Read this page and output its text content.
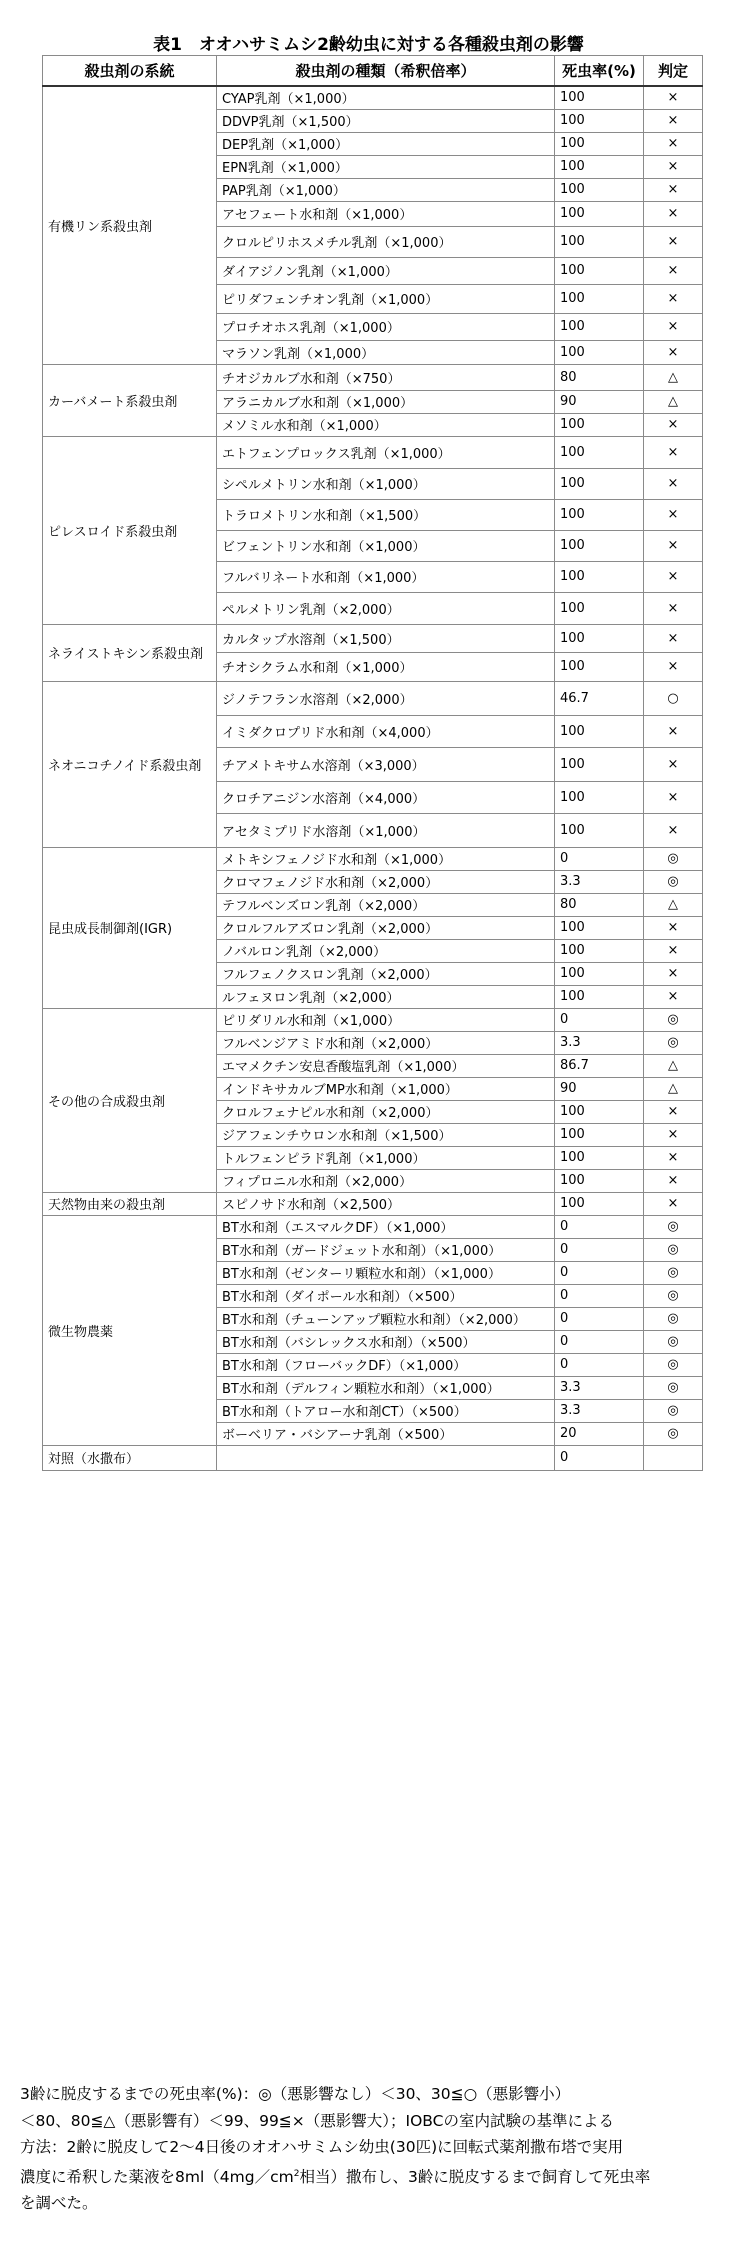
表1　オオハサミムシ2齢幼虫に対する各種殺虫剤の影響
殺虫剤の系統	殺虫剤の種類（希釈倍率）	死虫率(%)	判定
有機リン系殺虫剤	CYAP乳剤（×1,000）	100	×
	DDVP乳剤（×1,500）	100	×
	DEP乳剤（×1,000）	100	×
	EPN乳剤（×1,000）	100	×
	PAP乳剤（×1,000）	100	×
	アセフェート水和剤（×1,000）	100	×
	クロルピリホスメチル乳剤（×1,000）	100	×
	ダイアジノン乳剤（×1,000）	100	×
	ピリダフェンチオン乳剤（×1,000）	100	×
	プロチオホス乳剤（×1,000）	100	×
	マラソン乳剤（×1,000）	100	×
カーバメート系殺虫剤	チオジカルブ水和剤（×750）	80	△
	アラニカルブ水和剤（×1,000）	90	△
	メソミル水和剤（×1,000）	100	×
ピレスロイド系殺虫剤	エトフェンプロックス乳剤（×1,000）	100	×
	シペルメトリン水和剤（×1,000）	100	×
	トラロメトリン水和剤（×1,500）	100	×
	ビフェントリン水和剤（×1,000）	100	×
	フルバリネート水和剤（×1,000）	100	×
	ペルメトリン乳剤（×2,000）	100	×
ネライストキシン系殺虫剤	カルタップ水溶剤（×1,500）	100	×
	チオシクラム水和剤（×1,000）	100	×
ネオニコチノイド系殺虫剤	ジノテフラン水溶剤（×2,000）	46.7	○
	イミダクロプリド水和剤（×4,000）	100	×
	チアメトキサム水溶剤（×3,000）	100	×
	クロチアニジン水溶剤（×4,000）	100	×
	アセタミプリド水溶剤（×1,000）	100	×
昆虫成長制御剤(IGR)	メトキシフェノジド水和剤（×1,000）	0	◎
	クロマフェノジド水和剤（×2,000）	3.3	◎
	テフルベンズロン乳剤（×2,000）	80	△
	クロルフルアズロン乳剤（×2,000）	100	×
	ノバルロン乳剤（×2,000）	100	×
	フルフェノクスロン乳剤（×2,000）	100	×
	ルフェヌロン乳剤（×2,000）	100	×
その他の合成殺虫剤	ピリダリル水和剤（×1,000）	0	◎
	フルベンジアミド水和剤（×2,000）	3.3	◎
	エマメクチン安息香酸塩乳剤（×1,000）	86.7	△
	インドキサカルブMP水和剤（×1,000）	90	△
	クロルフェナピル水和剤（×2,000）	100	×
	ジアフェンチウロン水和剤（×1,500）	100	×
	トルフェンピラド乳剤（×1,000）	100	×
	フィプロニル水和剤（×2,000）	100	×
天然物由来の殺虫剤	スピノサド水和剤（×2,500）	100	×
微生物農薬	BT水和剤（エスマルクDF）（×1,000）	0	◎
	BT水和剤（ガードジェット水和剤）（×1,000）	0	◎
	BT水和剤（ゼンターリ顆粒水和剤）（×1,000）	0	◎
	BT水和剤（ダイポール水和剤）（×500）	0	◎
	BT水和剤（チューンアップ顆粒水和剤）（×2,000）	0	◎
	BT水和剤（バシレックス水和剤）（×500）	0	◎
	BT水和剤（フローバックDF）（×1,000）	0	◎
	BT水和剤（デルフィン顆粒水和剤）（×1,000）	3.3	◎
	BT水和剤（トアロー水和剤CT）（×500）	3.3	◎
	ボーベリア・バシアーナ乳剤（×500）	20	◎
対照（水撒布）		0	

3齢に脱皮するまでの死虫率(%)：◎（悪影響なし）＜30、30≦○（悪影響小）

＜80、80≦△（悪影響有）＜99、99≦×（悪影響大）；IOBCの室内試験の基準による

方法：2齢に脱皮して2～4日後のオオハサミムシ幼虫(30匹)に回転式薬剤撒布塔で実用

濃度に希釈した薬液を$8ml(4mg/cm^2$相当）撒布し、3齢に脱皮するまで飼育して死虫率

を調べた。
